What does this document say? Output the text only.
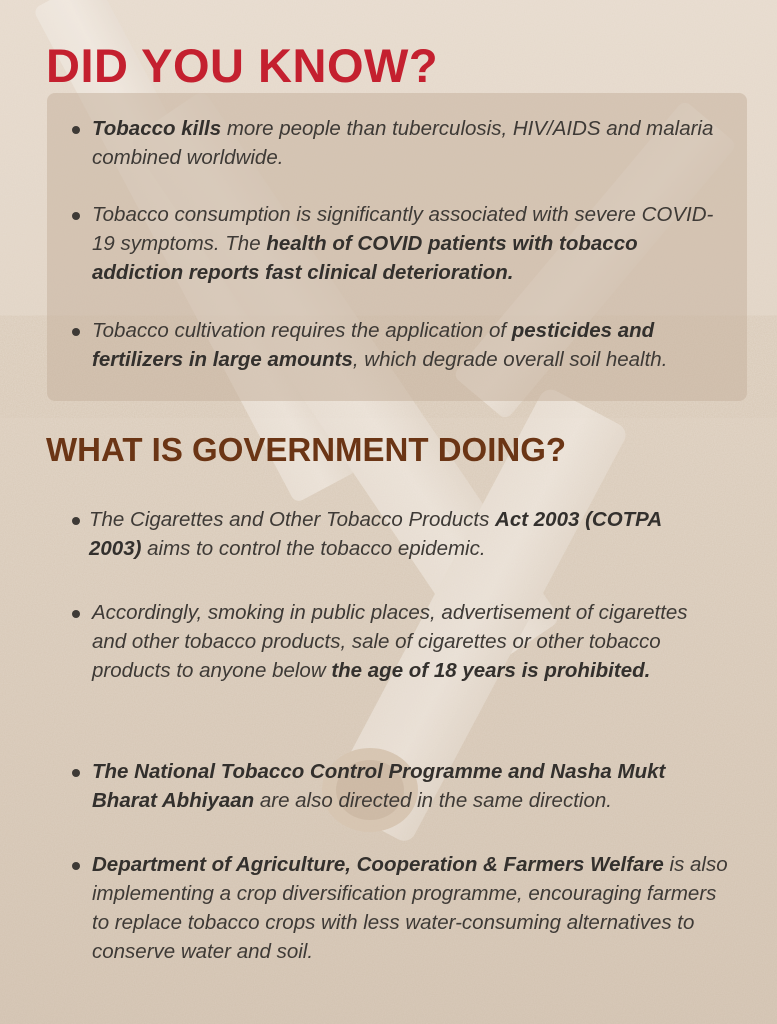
DID YOU KNOW?
Tobacco kills more people than tuberculosis, HIV/AIDS and malaria combined worldwide.
Tobacco consumption is significantly associated with severe COVID-19 symptoms. The health of COVID patients with tobacco addiction reports fast clinical deterioration.
Tobacco cultivation requires the application of pesticides and fertilizers in large amounts, which degrade overall soil health.
WHAT IS GOVERNMENT DOING?
The Cigarettes and Other Tobacco Products Act 2003 (COTPA 2003) aims to control the tobacco epidemic.
Accordingly, smoking in public places, advertisement of cigarettes and other tobacco products, sale of cigarettes or other tobacco products to anyone below the age of 18 years is prohibited.
The National Tobacco Control Programme and Nasha Mukt Bharat Abhiyaan are also directed in the same direction.
Department of Agriculture, Cooperation & Farmers Welfare is also implementing a crop diversification programme, encouraging farmers to replace tobacco crops with less water-consuming alternatives to conserve water and soil.
